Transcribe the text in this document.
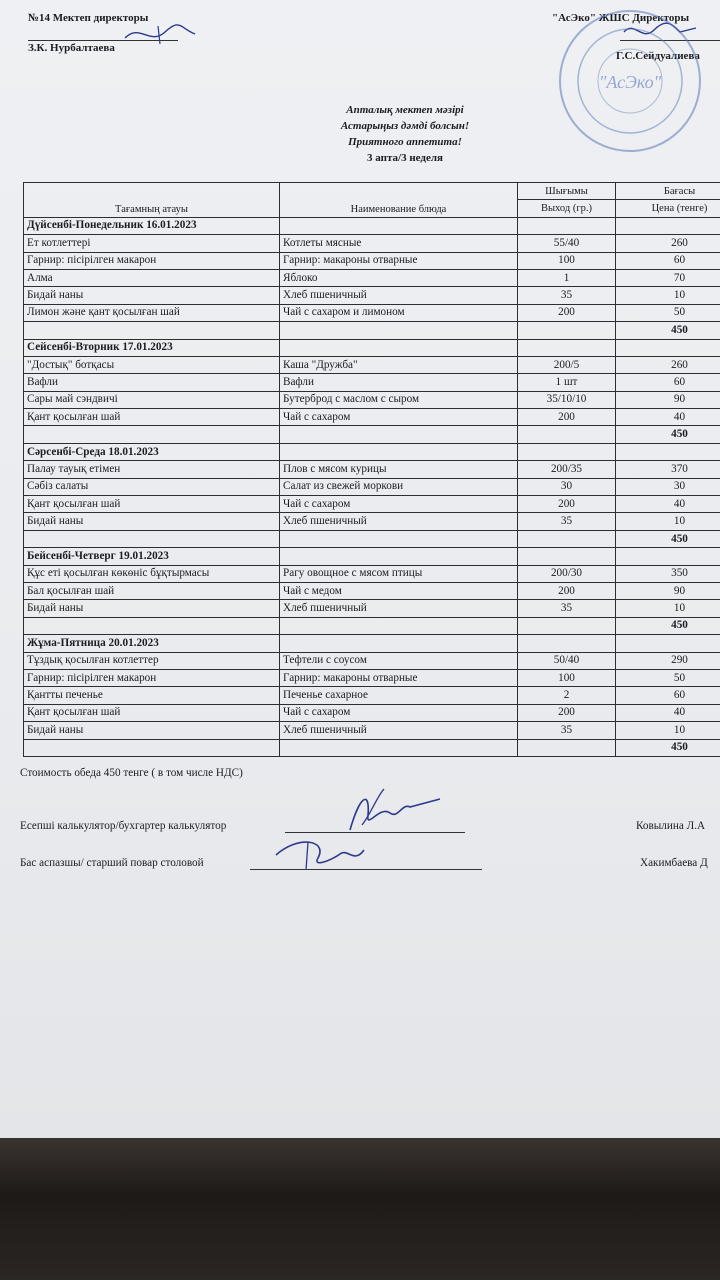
№14 Мектеп директоры
З.К. Нурбалтаева
"АсЭко" ЖШС Директоры
Г.С.Сейдуалиева
"АсЭко"
Апталық мектеп мәзірі
Астарыңыз дәмді болсын!
Приятного аппетита!
3 апта/3 неделя
Тағамның атауы	Наименование блюда	Шығымы	Бағасы
		Выход (гр.)	Цена (тенге)
Дүйсенбі-Понедельник 16.01.2023			
Ет котлеттері	Котлеты мясные	55/40	260
Гарнир: пісірілген макарон	Гарнир: макароны отварные	100	60
Алма	Яблоко	1	70
Бидай наны	Хлеб пшеничный	35	10
Лимон және қант қосылған шай	Чай с сахаром и лимоном	200	50
			450
Сейсенбі-Вторник 17.01.2023			
"Достық" ботқасы	Каша "Дружба"	200/5	260
Вафли	Вафли	1 шт	60
Сары май сэндвичі	Бутерброд с маслом с сыром	35/10/10	90
Қант қосылған шай	Чай с сахаром	200	40
			450
Сәрсенбі-Среда 18.01.2023			
Палау тауық етімен	Плов с мясом курицы	200/35	370
Сәбіз салаты	Салат из свежей моркови	30	30
Қант қосылған шай	Чай с сахаром	200	40
Бидай наны	Хлеб пшеничный	35	10
			450
Бейсенбі-Четверг 19.01.2023			
Құс еті қосылған көкөніс бұқтырмасы	Рагу овощное с мясом птицы	200/30	350
Бал қосылған шай	Чай с медом	200	90
Бидай наны	Хлеб пшеничный	35	10
			450
Жұма-Пятница 20.01.2023			
Тұздық қосылған котлеттер	Тефтели с соусом	50/40	290
Гарнир: пісірілген макарон	Гарнир: макароны отварные	100	50
Қантты печенье	Печенье сахарное	2	60
Қант қосылған шай	Чай с сахаром	200	40
Бидай наны	Хлеб пшеничный	35	10
			450
Стоимость обеда 450 тенге ( в том числе НДС)
Есепші калькулятор/бухгартер калькулятор	Ковылина Л.А
Бас аспазшы/ старший повар столовой	Хакимбаева Д
